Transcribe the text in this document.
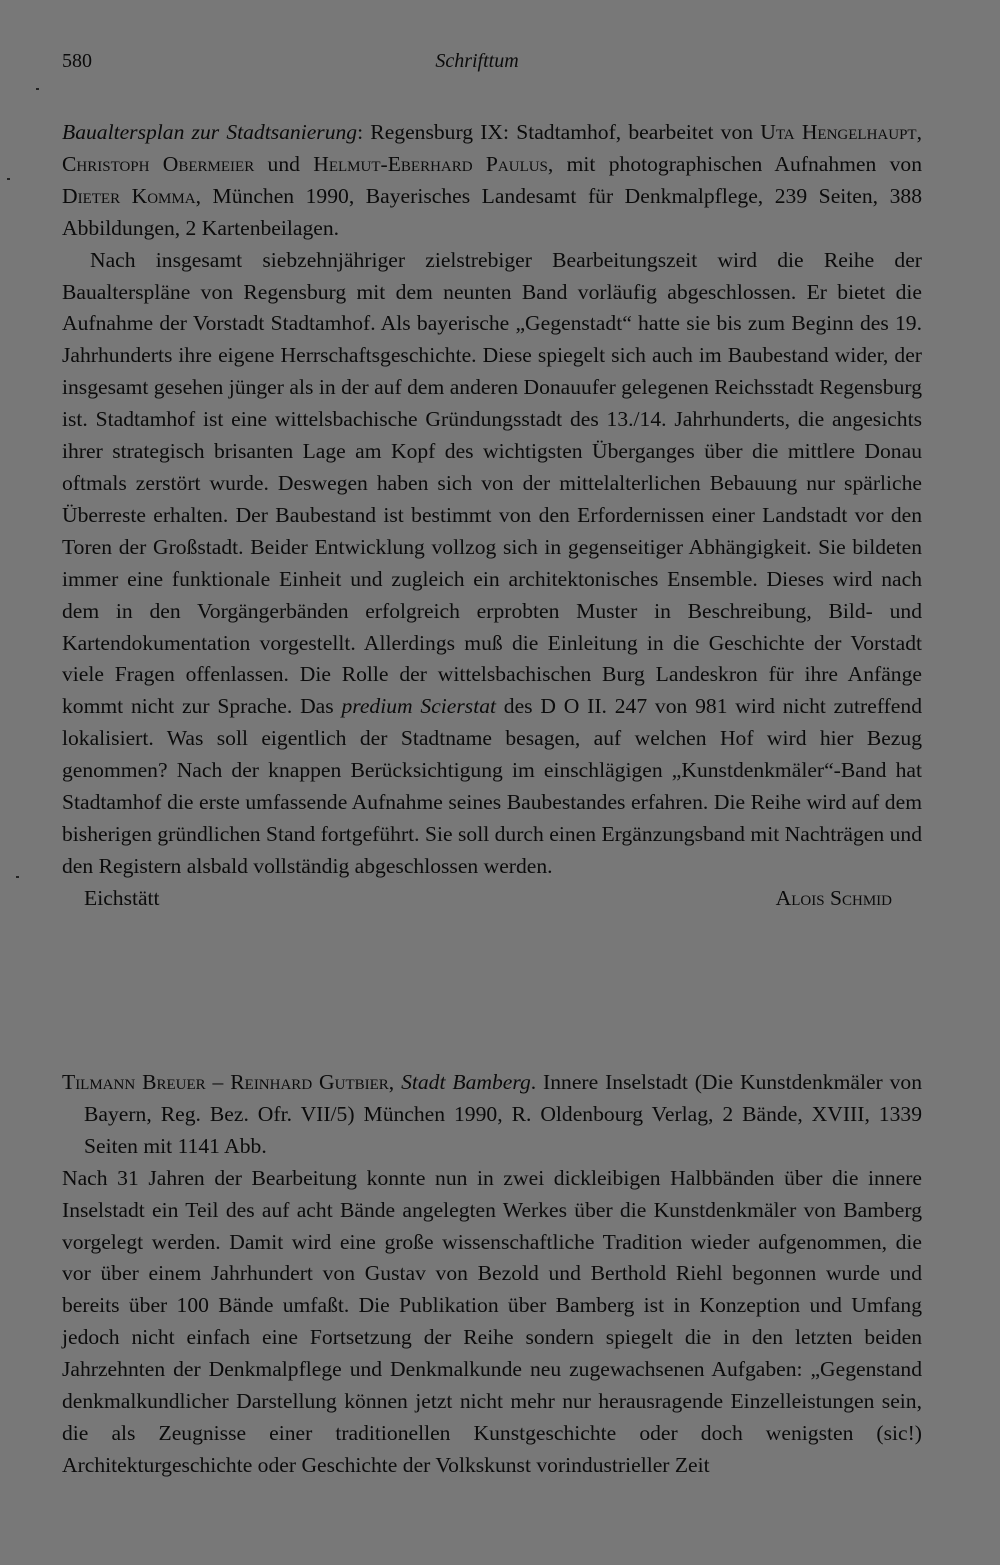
580	Schrifttum

Baualtersplan zur Stadtsanierung: Regensburg IX: Stadtamhof, bearbeitet von Uta Hengelhaupt, Christoph Obermeier und Helmut-Eberhard Paulus, mit photographischen Aufnahmen von Dieter Komma, München 1990, Bayerisches Landesamt für Denkmalpflege, 239 Seiten, 388 Abbildungen, 2 Kartenbeilagen.

Nach insgesamt siebzehnjähriger zielstrebiger Bearbeitungszeit wird die Reihe der Baualterspläne von Regensburg mit dem neunten Band vorläufig abgeschlossen. Er bietet die Aufnahme der Vorstadt Stadtamhof. Als bayerische „Gegenstadt“ hatte sie bis zum Beginn des 19. Jahrhunderts ihre eigene Herrschaftsgeschichte. Diese spiegelt sich auch im Baubestand wider, der insgesamt gesehen jünger als in der auf dem anderen Donauufer gelegenen Reichsstadt Regensburg ist. Stadtamhof ist eine wittelsbachische Gründungsstadt des 13./14. Jahrhunderts, die angesichts ihrer strategisch brisanten Lage am Kopf des wichtigsten Überganges über die mittlere Donau oftmals zerstört wurde. Deswegen haben sich von der mittelalterlichen Bebauung nur spärliche Überreste erhalten. Der Baubestand ist bestimmt von den Erfordernissen einer Landstadt vor den Toren der Großstadt. Beider Entwicklung vollzog sich in gegenseitiger Abhängigkeit. Sie bildeten immer eine funktionale Einheit und zugleich ein architektonisches Ensemble. Dieses wird nach dem in den Vorgängerbänden erfolgreich erprobten Muster in Beschreibung, Bild- und Kartendokumentation vorgestellt. Allerdings muß die Einleitung in die Geschichte der Vorstadt viele Fragen offenlassen. Die Rolle der wittelsbachischen Burg Landeskron für ihre Anfänge kommt nicht zur Sprache. Das predium Scierstat des D O II. 247 von 981 wird nicht zutreffend lokalisiert. Was soll eigentlich der Stadtname besagen, auf welchen Hof wird hier Bezug genommen? Nach der knappen Berücksichtigung im einschlägigen „Kunstdenkmäler“-Band hat Stadtamhof die erste umfassende Aufnahme seines Baubestandes erfahren. Die Reihe wird auf dem bisherigen gründlichen Stand fortgeführt. Sie soll durch einen Ergänzungsband mit Nachträgen und den Registern alsbald vollständig abgeschlossen werden.

Eichstätt	Alois Schmid

Tilmann Breuer – Reinhard Gutbier, Stadt Bamberg. Innere Inselstadt (Die Kunstdenkmäler von Bayern, Reg. Bez. Ofr. VII/5) München 1990, R. Oldenbourg Verlag, 2 Bände, XVIII, 1339 Seiten mit 1141 Abb.

Nach 31 Jahren der Bearbeitung konnte nun in zwei dickleibigen Halbbänden über die innere Inselstadt ein Teil des auf acht Bände angelegten Werkes über die Kunstdenkmäler von Bamberg vorgelegt werden. Damit wird eine große wissenschaftliche Tradition wieder aufgenommen, die vor über einem Jahrhundert von Gustav von Bezold und Berthold Riehl begonnen wurde und bereits über 100 Bände umfaßt. Die Publikation über Bamberg ist in Konzeption und Umfang jedoch nicht einfach eine Fortsetzung der Reihe sondern spiegelt die in den letzten beiden Jahrzehnten der Denkmalpflege und Denkmalkunde neu zugewachsenen Aufgaben: „Gegenstand denkmalkundlicher Darstellung können jetzt nicht mehr nur herausragende Einzelleistungen sein, die als Zeugnisse einer traditionellen Kunstgeschichte oder doch wenigsten (sic!) Architekturgeschichte oder Geschichte der Volkskunst vorindustrieller Zeit
